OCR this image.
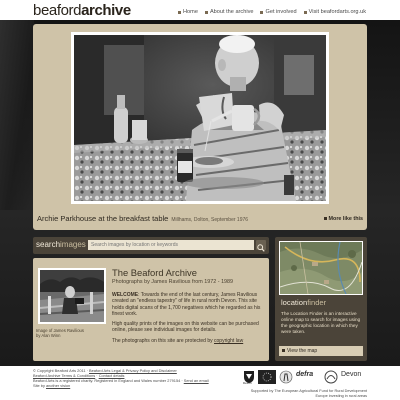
beafordarchive	Home About the archive Get involved Visit beafordarts.org.uk
Archie Parkhouse at the breakfast table Millhams, Dolton, September 1976	More like this
searchimages
Search images by location or keywords
Image of James Ravilious
by Alan Winn
The Beaford Archive
Photographs by James Ravilious from 1972 - 1989

WELCOME: Towards the end of the last century, James Ravilious created an "endless tapestry" of life in rural north Devon. This site holds digital scans of the 1,700 negatives which he regarded as his finest work.

High quality prints of the images on this website can be purchased online, please see individual images for details.

The photographs on this site are protected by copyright law

locationfinder
The Location Finder is an interactive online map to search for images using the geographic location in which they were taken.
View the map
© Copyright Beaford Arts 2011 · Beaford Arts Legal & Privacy Policy and Disclaimer
Beaford Archive Terms & Conditions · Contact details
Beaford Arts is a registered charity. Registered in England and Wales number 279154 · Send an email
Site by another vision	Devon
defra	Devon
Supported by The European Agricultural Fund for Rural Development
Europe investing in rural areas
